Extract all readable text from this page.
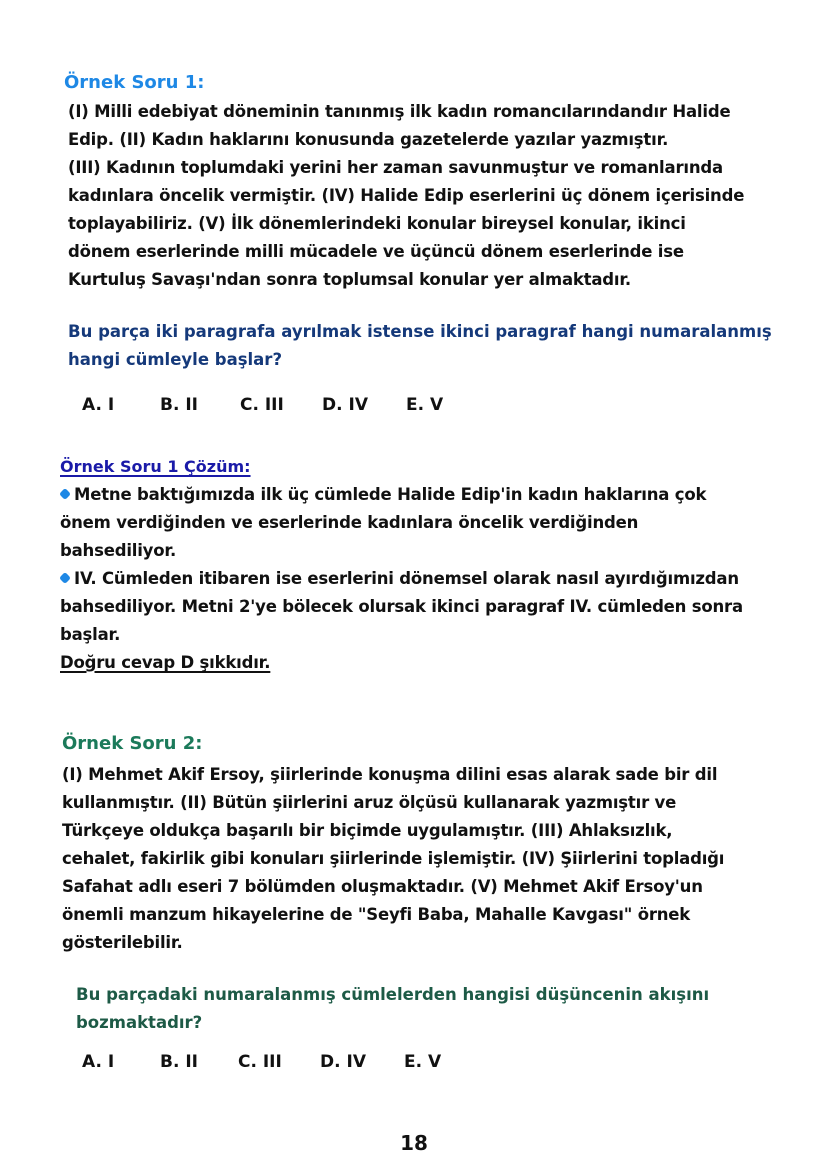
Örnek Soru 1:
(I) Milli edebiyat döneminin tanınmış ilk kadın romancılarındandır Halide
Edip. (II) Kadın haklarını konusunda gazetelerde yazılar yazmıştır.
(III) Kadının toplumdaki yerini her zaman savunmuştur ve romanlarında
kadınlara öncelik vermiştir. (IV) Halide Edip eserlerini üç dönem içerisinde
toplayabiliriz. (V) İlk dönemlerindeki konular bireysel konular, ikinci
dönem eserlerinde milli mücadele ve üçüncü dönem eserlerinde ise
Kurtuluş Savaşı'ndan sonra toplumsal konular yer almaktadır.
Bu parça iki paragrafa ayrılmak istense ikinci paragraf hangi numaralanmış
hangi cümleyle başlar?
A. I	B. II	C. III	D. IV	E. V
Örnek Soru 1 Çözüm:
Metne baktığımızda ilk üç cümlede Halide Edip'in kadın haklarına çok
önem verdiğinden ve eserlerinde kadınlara öncelik verdiğinden
bahsediliyor.
IV. Cümleden itibaren ise eserlerini dönemsel olarak nasıl ayırdığımızdan
bahsediliyor. Metni 2'ye bölecek olursak ikinci paragraf IV. cümleden sonra
başlar.
Doğru cevap D şıkkıdır.
Örnek Soru 2:
(I) Mehmet Akif Ersoy, şiirlerinde konuşma dilini esas alarak sade bir dil
kullanmıştır. (II) Bütün şiirlerini aruz ölçüsü kullanarak yazmıştır ve
Türkçeye oldukça başarılı bir biçimde uygulamıştır. (III) Ahlaksızlık,
cehalet, fakirlik gibi konuları şiirlerinde işlemiştir. (IV) Şiirlerini topladığı
Safahat adlı eseri 7 bölümden oluşmaktadır. (V) Mehmet Akif Ersoy'un
önemli manzum hikayelerine de "Seyfi Baba, Mahalle Kavgası" örnek
gösterilebilir.
Bu parçadaki numaralanmış cümlelerden hangisi düşüncenin akışını
bozmaktadır?
A. I	B. II	C. III	D. IV	E. V
18
